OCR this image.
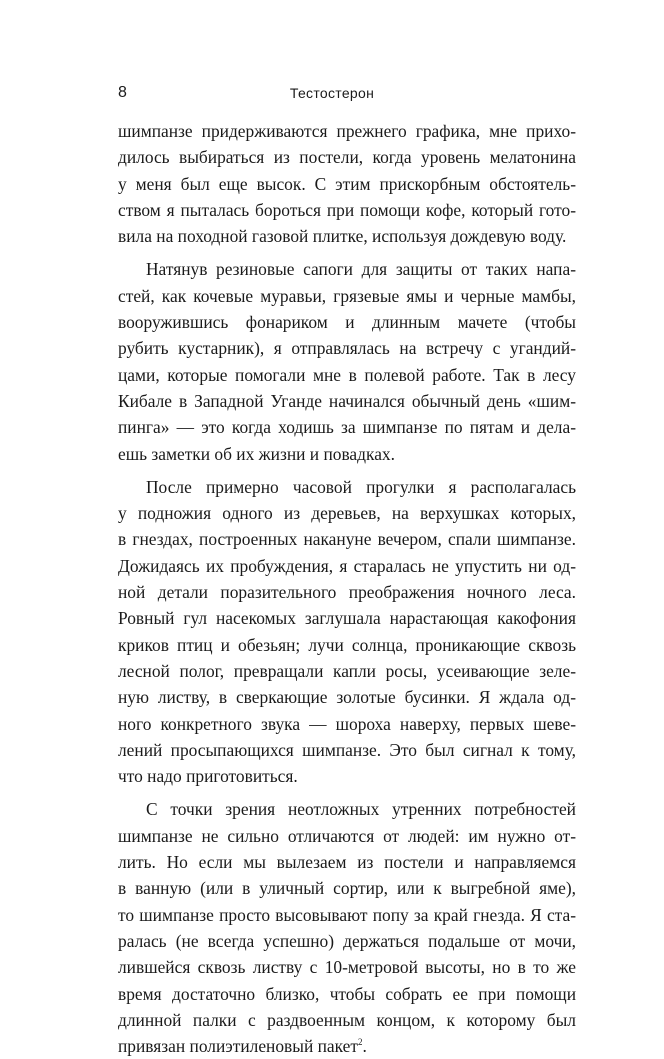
8	Тестостерон
шимпанзе придерживаются прежнего графика, мне прихо-
дилось выбираться из постели, когда уровень мелатонина
у меня был еще высок. С этим прискорбным обстоятель-
ством я пыталась бороться при помощи кофе, который гото-
вила на походной газовой плитке, используя дождевую воду.
Натянув резиновые сапоги для защиты от таких напа-
стей, как кочевые муравьи, грязевые ямы и черные мамбы,
вооружившись фонариком и длинным мачете (чтобы
рубить кустарник), я отправлялась на встречу с угандий-
цами, которые помогали мне в полевой работе. Так в лесу
Кибале в Западной Уганде начинался обычный день «шим-
пинга» — это когда ходишь за шимпанзе по пятам и дела-
ешь заметки об их жизни и повадках.
После примерно часовой прогулки я располагалась
у подножия одного из деревьев, на верхушках которых,
в гнездах, построенных накануне вечером, спали шимпанзе.
Дожидаясь их пробуждения, я старалась не упустить ни од-
ной детали поразительного преображения ночного леса.
Ровный гул насекомых заглушала нарастающая какофония
криков птиц и обезьян; лучи солнца, проникающие сквозь
лесной полог, превращали капли росы, усеивающие зеле-
ную листву, в сверкающие золотые бусинки. Я ждала од-
ного конкретного звука — шороха наверху, первых шеве-
лений просыпающихся шимпанзе. Это был сигнал к тому,
что надо приготовиться.
С точки зрения неотложных утренних потребностей
шимпанзе не сильно отличаются от людей: им нужно от-
лить. Но если мы вылезаем из постели и направляемся
в ванную (или в уличный сортир, или к выгребной яме),
то шимпанзе просто высовывают попу за край гнезда. Я ста-
ралась (не всегда успешно) держаться подальше от мочи,
лившейся сквозь листву с 10-метровой высоты, но в то же
время достаточно близко, чтобы собрать ее при помощи
длинной палки с раздвоенным концом, к которому был
привязан полиэтиленовый пакет$^2$.
